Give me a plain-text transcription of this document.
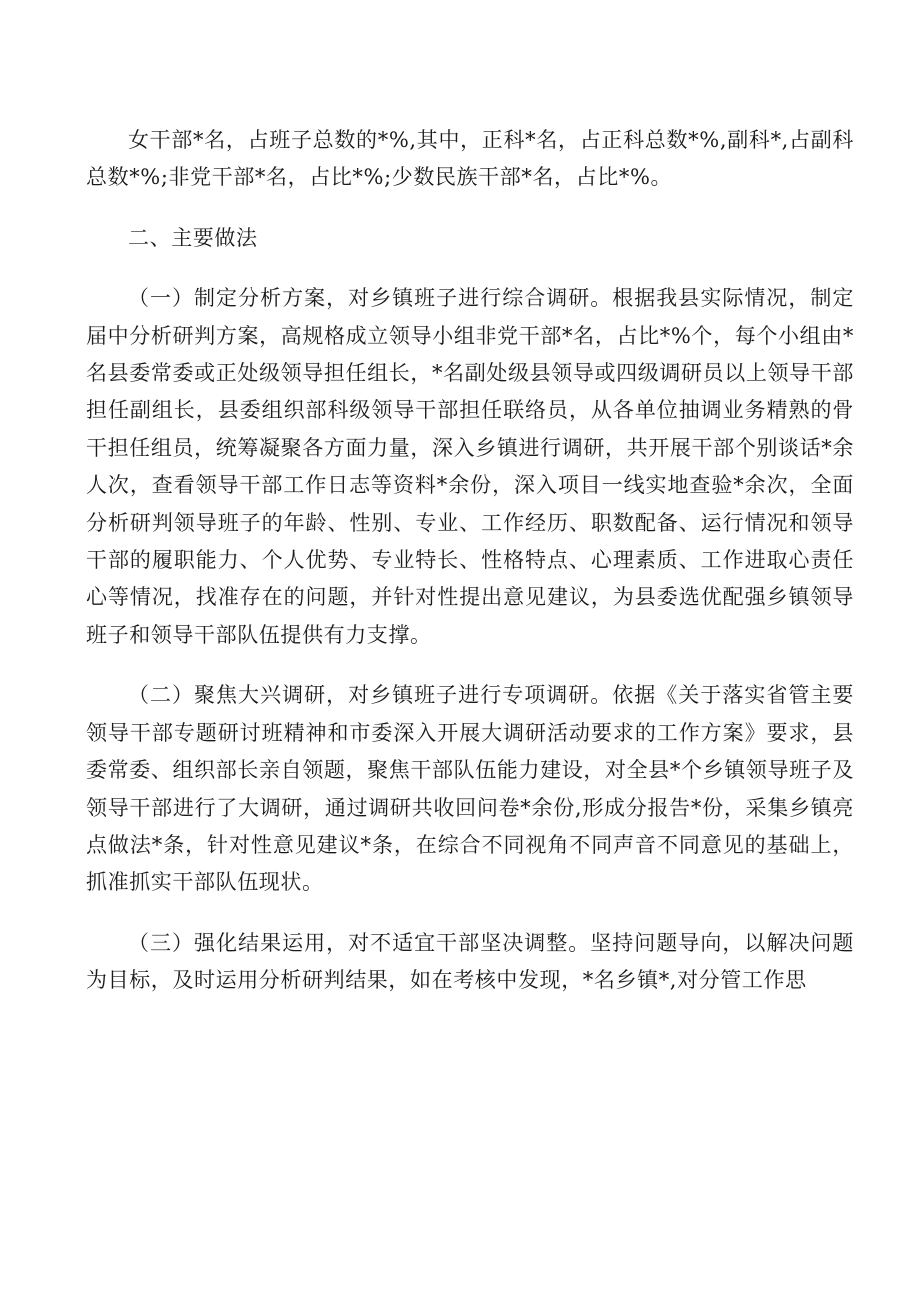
女干部*名，占班子总数的*%,其中，正科*名，占正科总数*%,副科*,占副科总数*%;非党干部*名，占比*%;少数民族干部*名，占比*%。

二、主要做法

（一）制定分析方案，对乡镇班子进行综合调研。根据我县实际情况，制定届中分析研判方案，高规格成立领导小组非党干部*名，占比*%个，每个小组由*名县委常委或正处级领导担任组长，*名副处级县领导或四级调研员以上领导干部担任副组长，县委组织部科级领导干部担任联络员，从各单位抽调业务精熟的骨干担任组员，统筹凝聚各方面力量，深入乡镇进行调研，共开展干部个别谈话*余人次，查看领导干部工作日志等资料*余份，深入项目一线实地查验*余次，全面分析研判领导班子的年龄、性别、专业、工作经历、职数配备、运行情况和领导干部的履职能力、个人优势、专业特长、性格特点、心理素质、工作进取心责任心等情况，找准存在的问题，并针对性提出意见建议，为县委选优配强乡镇领导班子和领导干部队伍提供有力支撑。

（二）聚焦大兴调研，对乡镇班子进行专项调研。依据《关于落实省管主要领导干部专题研讨班精神和市委深入开展大调研活动要求的工作方案》要求，县委常委、组织部长亲自领题，聚焦干部队伍能力建设，对全县*个乡镇领导班子及领导干部进行了大调研，通过调研共收回问卷*余份,形成分报告*份，采集乡镇亮点做法*条，针对性意见建议*条，在综合不同视角不同声音不同意见的基础上，抓准抓实干部队伍现状。

（三）强化结果运用，对不适宜干部坚决调整。坚持问题导向，以解决问题为目标，及时运用分析研判结果，如在考核中发现，*名乡镇*,对分管工作思
